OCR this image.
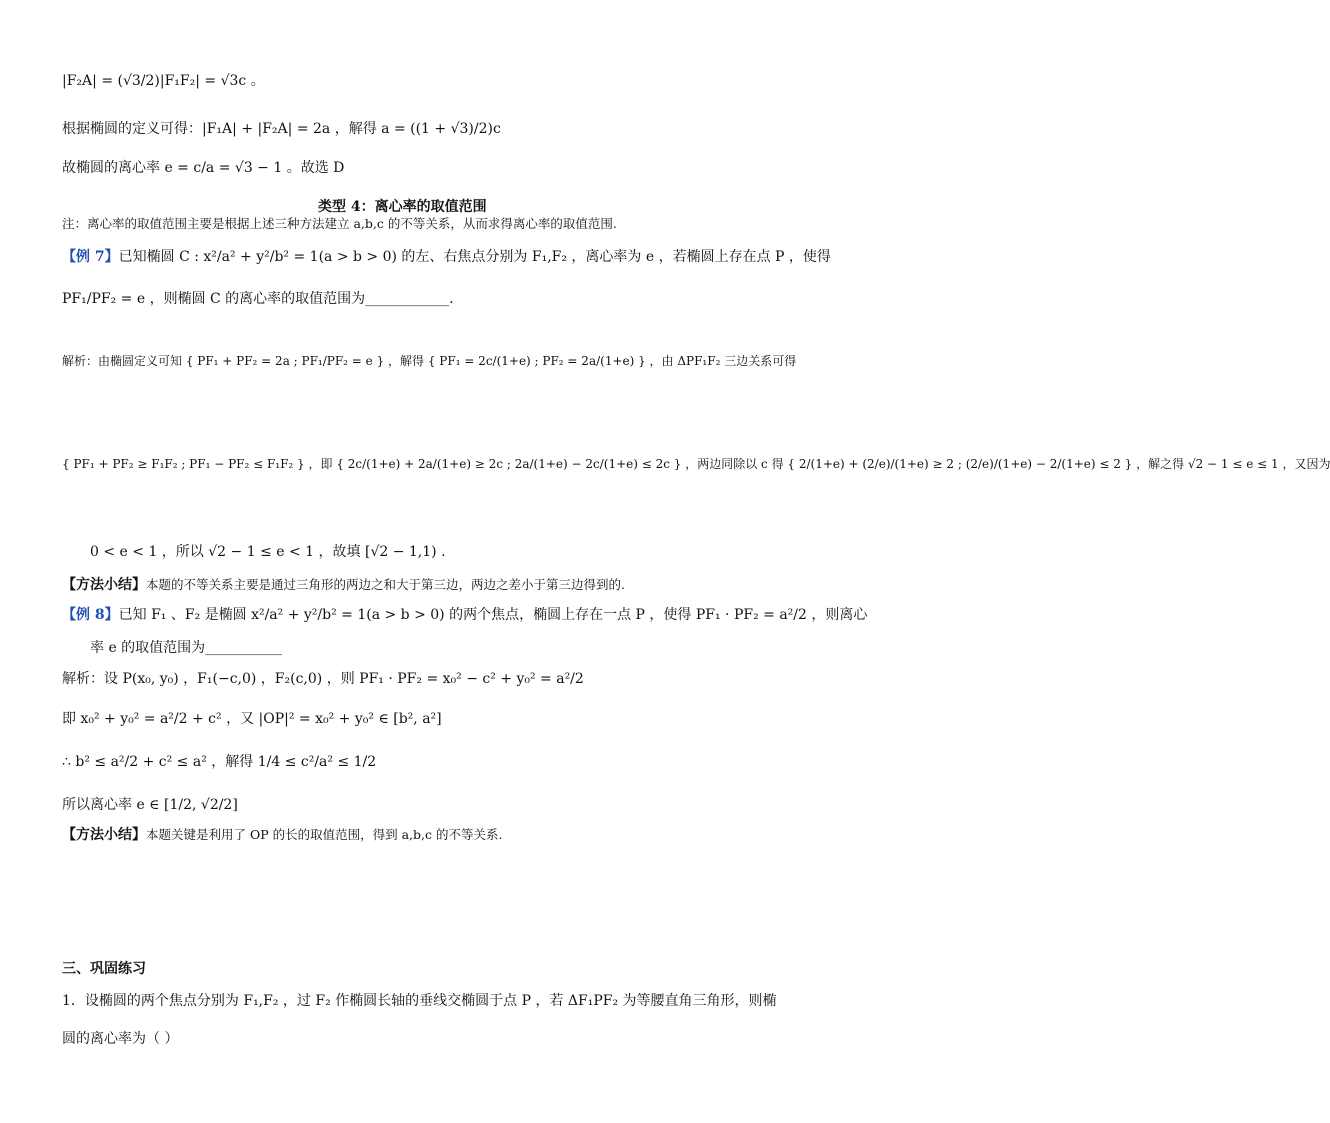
|F₂A| = (√3/2)|F₁F₂| = √3c 。
根据椭圆的定义可得：|F₁A| + |F₂A| = 2a ，解得 a = ((1 + √3)/2)c
故椭圆的离心率 e = c/a = √3 − 1 。故选 D
类型 4：离心率的取值范围
注：离心率的取值范围主要是根据上述三种方法建立 a,b,c 的不等关系，从而求得离心率的取值范围.
【例 7】已知椭圆 C : x²/a² + y²/b² = 1(a > b > 0) 的左、右焦点分别为 F₁,F₂ ，离心率为 e ，若椭圆上存在点 P ，使得
PF₁/PF₂ = e ，则椭圆 C 的离心率的取值范围为____________.
解析：由椭圆定义可知 { PF₁ + PF₂ = 2a ; PF₁/PF₂ = e } ，解得 { PF₁ = 2c/(1+e) ; PF₂ = 2a/(1+e) } ，由 ΔPF₁F₂ 三边关系可得
{ PF₁ + PF₂ ≥ F₁F₂ ; PF₁ − PF₂ ≤ F₁F₂ } ，即 { 2c/(1+e) + 2a/(1+e) ≥ 2c ; 2a/(1+e) − 2c/(1+e) ≤ 2c } ，两边同除以 c 得 { 2/(1+e) + (2/e)/(1+e) ≥ 2 ; (2/e)/(1+e) − 2/(1+e) ≤ 2 } ，解之得 √2 − 1 ≤ e ≤ 1 ，又因为
0 < e < 1 ，所以 √2 − 1 ≤ e < 1 ，故填 [√2 − 1,1) .
【方法小结】本题的不等关系主要是通过三角形的两边之和大于第三边，两边之差小于第三边得到的.
【例 8】已知 F₁ 、F₂ 是椭圆 x²/a² + y²/b² = 1(a > b > 0) 的两个焦点，椭圆上存在一点 P ，使得 PF₁ · PF₂ = a²/2 ，则离心
率 e 的取值范围为___________
解析：设 P(x₀, y₀) ，F₁(−c,0) ，F₂(c,0) ，则 PF₁ · PF₂ = x₀² − c² + y₀² = a²/2
即 x₀² + y₀² = a²/2 + c² ，又 |OP|² = x₀² + y₀² ∈ [b², a²]
∴ b² ≤ a²/2 + c² ≤ a² ，解得 1/4 ≤ c²/a² ≤ 1/2
所以离心率 e ∈ [1/2, √2/2]
【方法小结】本题关键是利用了 OP 的长的取值范围，得到 a,b,c 的不等关系.
三、巩固练习
1．设椭圆的两个焦点分别为 F₁,F₂ ，过 F₂ 作椭圆长轴的垂线交椭圆于点 P ，若 ΔF₁PF₂ 为等腰直角三角形，则椭
圆的离心率为（ ）
